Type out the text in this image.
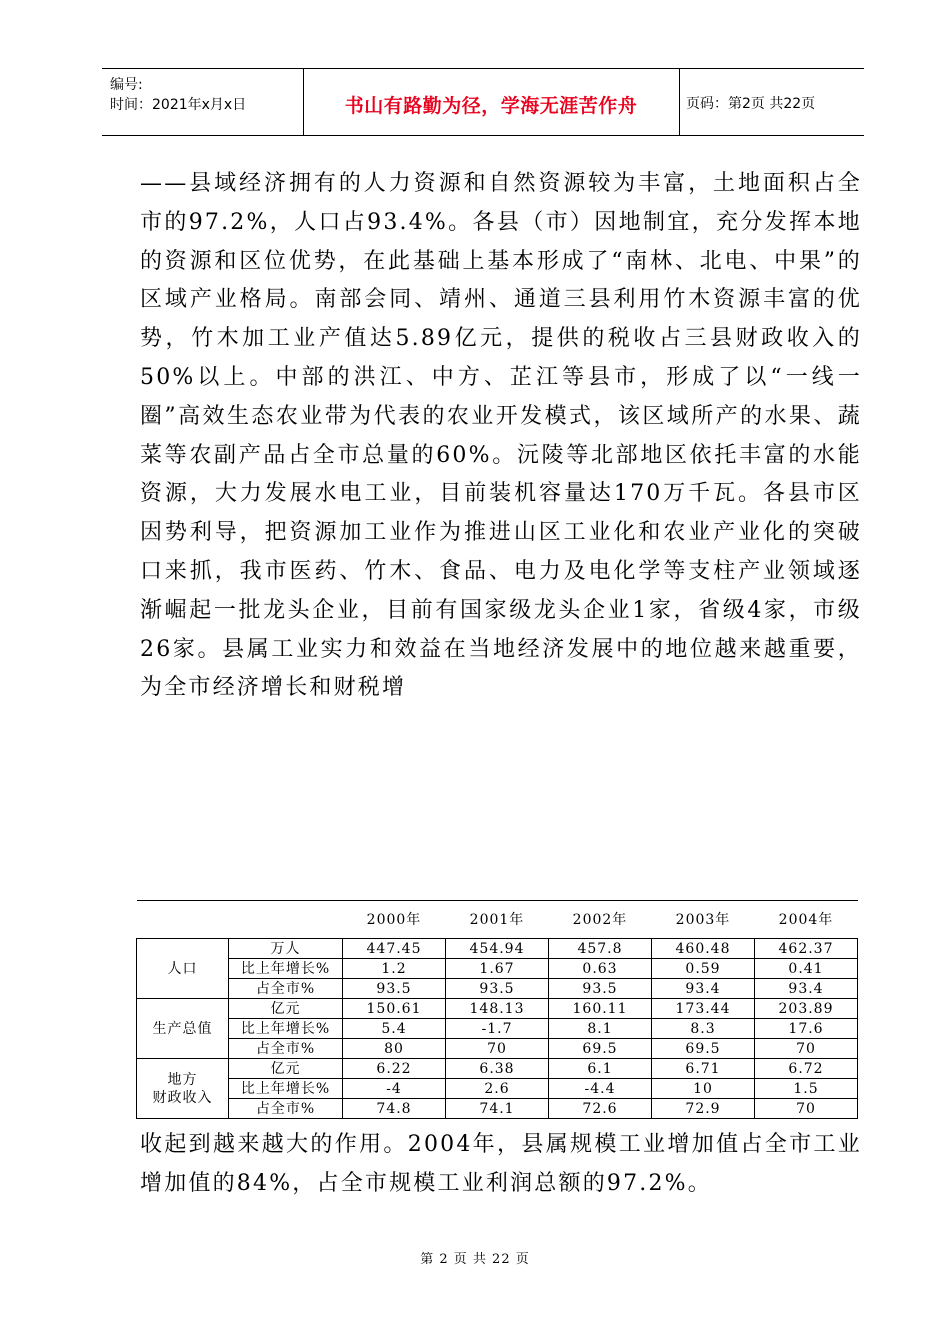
编号:
时间：2021年x月x日	书山有路勤为径，学海无涯苦作舟	页码：第2页 共22页
——县域经济拥有的人力资源和自然资源较为丰富，土地面积占全市的97.2%，人口占93.4%。各县（市）因地制宜，充分发挥本地的资源和区位优势，在此基础上基本形成了“南林、北电、中果”的区域产业格局。南部会同、靖州、通道三县利用竹木资源丰富的优势，竹木加工业产值达5.89亿元，提供的税收占三县财政收入的50%以上。中部的洪江、中方、芷江等县市，形成了以“一线一圈”高效生态农业带为代表的农业开发模式，该区域所产的水果、蔬菜等农副产品占全市总量的60%。沅陵等北部地区依托丰富的水能资源，大力发展水电工业，目前装机容量达170万千瓦。各县市区因势利导，把资源加工业作为推进山区工业化和农业产业化的突破口来抓，我市医药、竹木、食品、电力及电化学等支柱产业领域逐渐崛起一批龙头企业，目前有国家级龙头企业1家，省级4家，市级26家。县属工业实力和效益在当地经济发展中的地位越来越重要，为全市经济增长和财税增
		2000年	2001年	2002年	2003年	2004年
人口	万人	447.45	454.94	457.8	460.48	462.37
	比上年增长%	1.2	1.67	0.63	0.59	0.41
	占全市%	93.5	93.5	93.5	93.4	93.4
生产总值	亿元	150.61	148.13	160.11	173.44	203.89
	比上年增长%	5.4	-1.7	8.1	8.3	17.6
	占全市%	80	70	69.5	69.5	70

地方
财政收入	亿元	6.22	6.38	6.1	6.71	6.72
	比上年增长%	-4	2.6	-4.4	10	1.5
	占全市%	74.8	74.1	72.6	72.9	70
收起到越来越大的作用。2004年，县属规模工业增加值占全市工业增加值的84%，占全市规模工业利润总额的97.2%。
第 2 页 共 22 页
